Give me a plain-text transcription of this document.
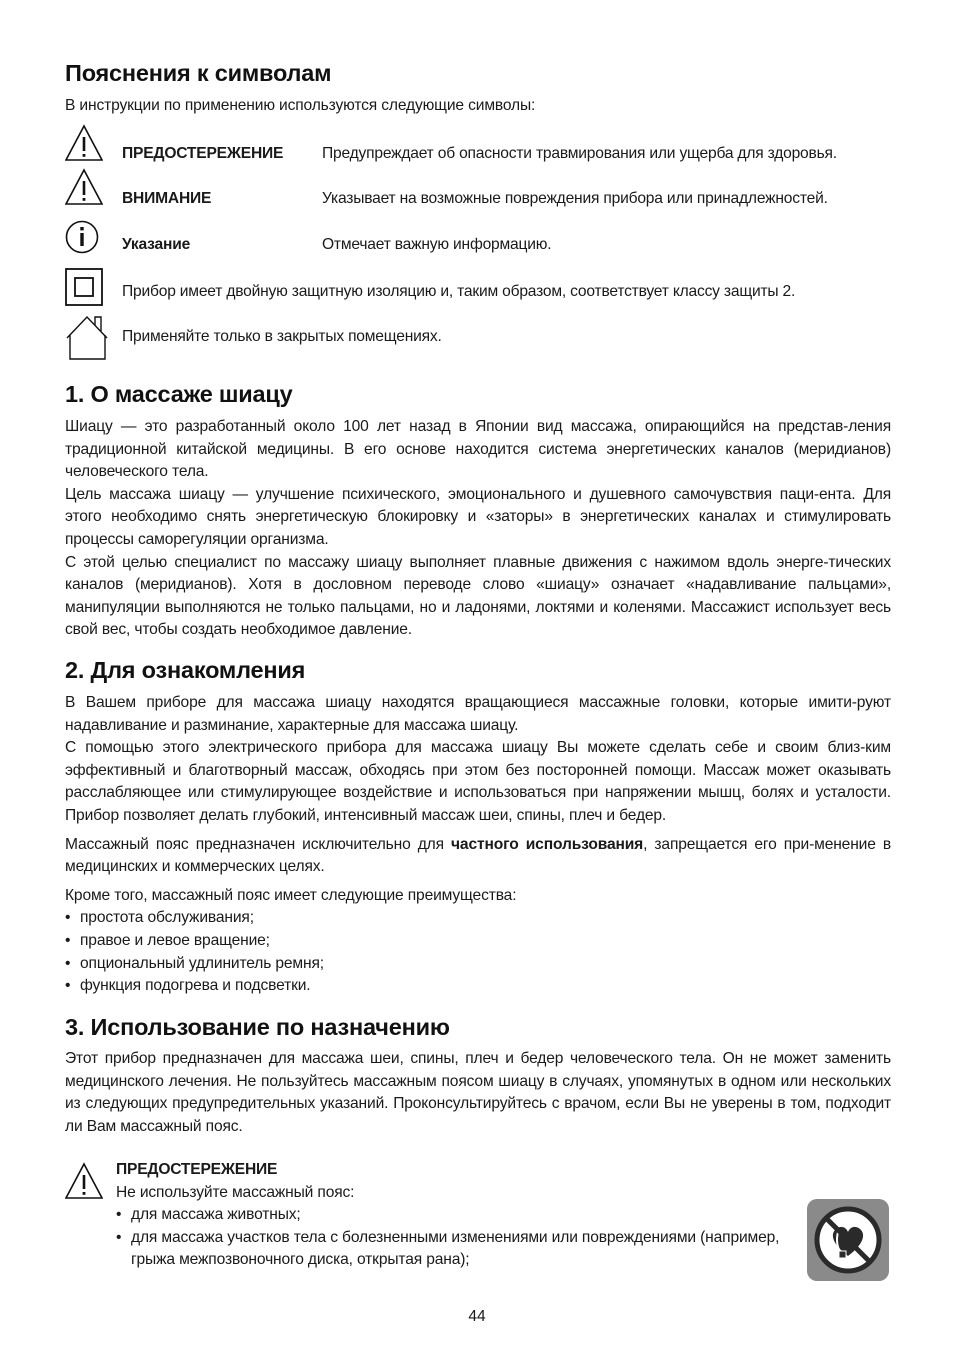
Пояснения к символам

В инструкции по применению используются следующие символы:

ПРЕДОСТЕРЕЖЕНИЕ Предупреждает об опасности травмирования или ущерба для здоровья.
ВНИМАНИЕ	Указывает на возможные повреждения прибора или принадлежностей.
Указание	Отмечает важную информацию.
Прибор имеет двойную защитную изоляцию и, таким образом, соответствует классу защиты 2.
Применяйте только в закрытых помещениях.
1. О массаже шиацу

Шиацу — это разработанный около 100 лет назад в Японии вид массажа, опирающийся на представ-ления традиционной китайской медицины. В его основе находится система энергетических каналов (меридианов) человеческого тела.

Цель массажа шиацу — улучшение психического, эмоционального и душевного самочувствия паци-ента. Для этого необходимо снять энергетическую блокировку и «заторы» в энергетических каналах и стимулировать процессы саморегуляции организма.

С этой целью специалист по массажу шиацу выполняет плавные движения с нажимом вдоль энерге-тических каналов (меридианов). Хотя в дословном переводе слово «шиацу» означает «надавливание пальцами», манипуляции выполняются не только пальцами, но и ладонями, локтями и коленями. Массажист использует весь свой вес, чтобы создать необходимое давление.

2. Для ознакомления

В Вашем приборе для массажа шиацу находятся вращающиеся массажные головки, которые имити-руют надавливание и разминание, характерные для массажа шиацу.

С помощью этого электрического прибора для массажа шиацу Вы можете сделать себе и своим близ-ким эффективный и благотворный массаж, обходясь при этом без посторонней помощи. Массаж может оказывать расслабляющее или стимулирующее воздействие и использоваться при напряжении мышц, болях и усталости. Прибор позволяет делать глубокий, интенсивный массаж шеи, спины, плеч и бедер.

Массажный пояс предназначен исключительно для частного использования, запрещается его при-менение в медицинских и коммерческих целях.

Кроме того, массажный пояс имеет следующие преимущества:

• простота обслуживания;
• правое и левое вращение;
• опциональный удлинитель ремня;
• функция подогрева и подсветки.
3. Использование по назначению

Этот прибор предназначен для массажа шеи, спины, плеч и бедер человеческого тела. Он не может заменить медицинского лечения. Не пользуйтесь массажным поясом шиацу в случаях, упомянутых в одном или нескольких из следующих предупредительных указаний. Проконсультируйтесь с врачом, если Вы не уверены в том, подходит ли Вам массажный пояс.

ПРЕДОСТЕРЕЖЕНИЕ
Не используйте массажный пояс:
• для массажа животных;
• для массажа участков тела с болезненными изменениями или повреждениями (например, грыжа межпозвоночного диска, открытая рана);
44
